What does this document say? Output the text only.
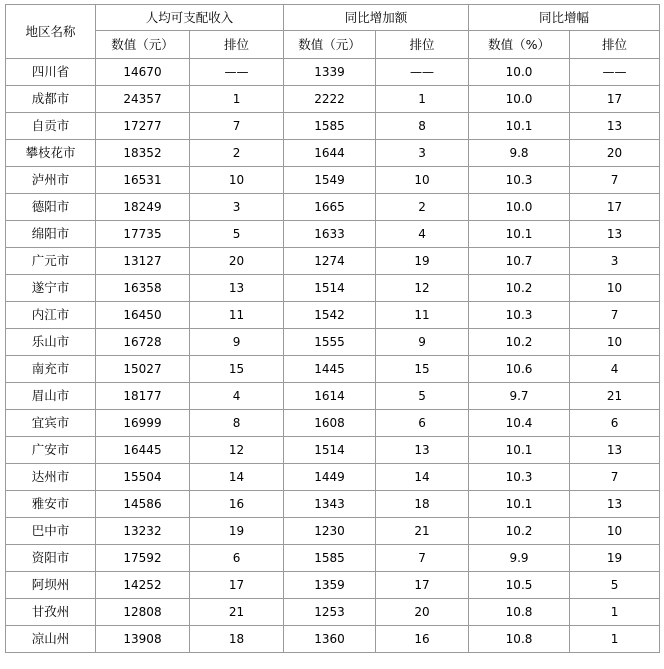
地区名称	人均可支配收入		同比增加额		同比增幅	
	数值（元）	排位	数值（元）	排位	数值（%）	排位
四川省	14670	——	1339	——	10.0	——
成都市	24357	1	2222	1	10.0	17
自贡市	17277	7	1585	8	10.1	13
攀枝花市	18352	2	1644	3	9.8	20
泸州市	16531	10	1549	10	10.3	7
德阳市	18249	3	1665	2	10.0	17
绵阳市	17735	5	1633	4	10.1	13
广元市	13127	20	1274	19	10.7	3
遂宁市	16358	13	1514	12	10.2	10
内江市	16450	11	1542	11	10.3	7
乐山市	16728	9	1555	9	10.2	10
南充市	15027	15	1445	15	10.6	4
眉山市	18177	4	1614	5	9.7	21
宜宾市	16999	8	1608	6	10.4	6
广安市	16445	12	1514	13	10.1	13
达州市	15504	14	1449	14	10.3	7
雅安市	14586	16	1343	18	10.1	13
巴中市	13232	19	1230	21	10.2	10
资阳市	17592	6	1585	7	9.9	19
阿坝州	14252	17	1359	17	10.5	5
甘孜州	12808	21	1253	20	10.8	1
凉山州	13908	18	1360	16	10.8	1
